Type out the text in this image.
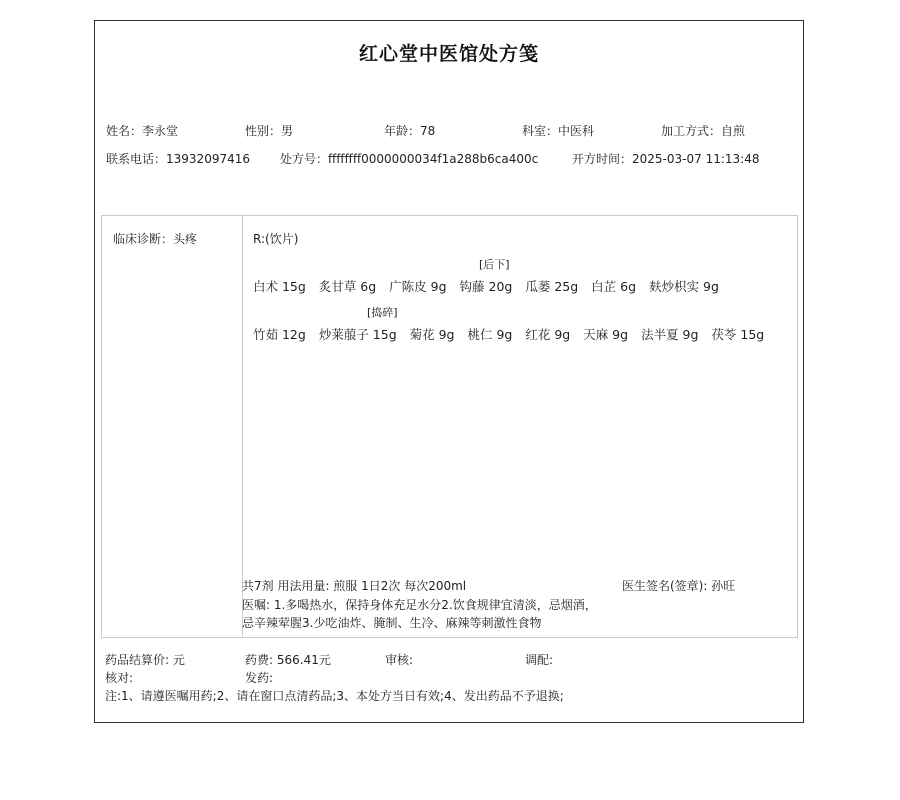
红心堂中医馆处方笺
姓名：李永堂	性别：男	年龄：78	科室：中医科	加工方式：自煎
联系电话：13932097416	处方号：ffffffff0000000034f1a288b6ca400c	开方时间：2025-03-07 11:13:48
临床诊断：头疼	R:(饮片)
[后下]
白术 15g 炙甘草 6g 广陈皮 9g 钩藤 20g 瓜蒌 25g 白芷 6g 麸炒枳实 9g
[捣碎]
竹茹 12g 炒莱菔子 15g 菊花 9g 桃仁 9g 红花 9g 天麻 9g 法半夏 9g 茯苓 15g
共7剂 用法用量: 煎服 1日2次 每次200ml	医生签名(签章): 孙旺
医嘱: 1.多喝热水，保持身体充足水分2.饮食规律宜清淡，忌烟酒，
忌辛辣荤腥3.少吃油炸、腌制、生冷、麻辣等刺激性食物
药品结算价: 元	药费: 566.41元	审核:	调配:
核对:	发药:
注:1、请遵医嘱用药;2、请在窗口点清药品;3、本处方当日有效;4、发出药品不予退换;
